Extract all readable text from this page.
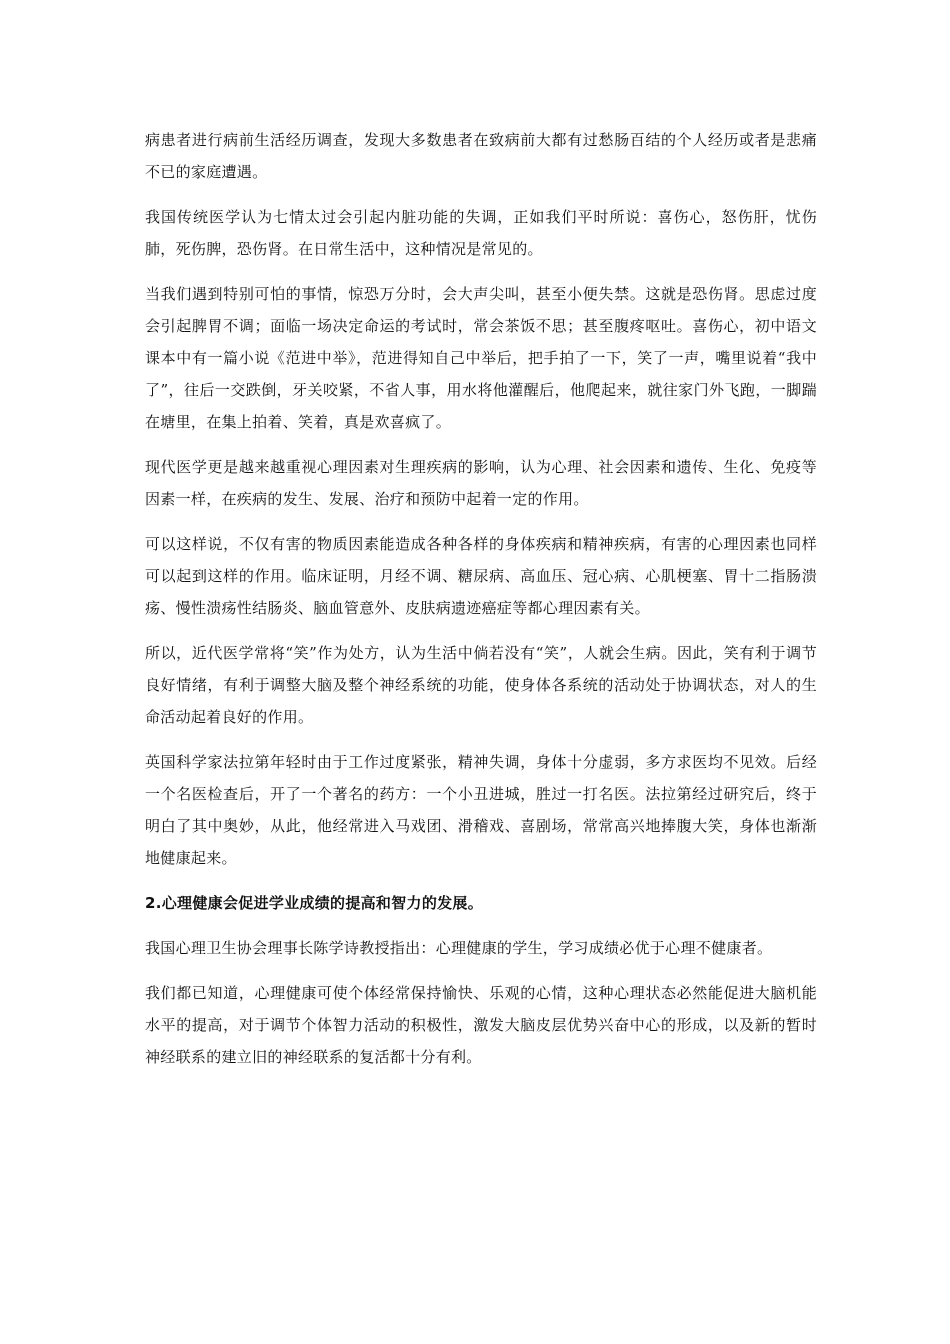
病患者进行病前生活经历调查，发现大多数患者在致病前大都有过愁肠百结的个人经历或者是悲痛不已的家庭遭遇。

我国传统医学认为七情太过会引起内脏功能的失调，正如我们平时所说：喜伤心，怒伤肝，忧伤肺，死伤脾，恐伤肾。在日常生活中，这种情况是常见的。

当我们遇到特别可怕的事情，惊恐万分时，会大声尖叫，甚至小便失禁。这就是恐伤肾。思虑过度会引起脾胃不调；面临一场决定命运的考试时，常会茶饭不思；甚至腹疼呕吐。喜伤心，初中语文课本中有一篇小说《范进中举》，范进得知自己中举后，把手拍了一下，笑了一声，嘴里说着“我中了”，往后一交跌倒，牙关咬紧，不省人事，用水将他灌醒后，他爬起来，就往家门外飞跑，一脚踹在塘里，在集上拍着、笑着，真是欢喜疯了。

现代医学更是越来越重视心理因素对生理疾病的影响，认为心理、社会因素和遗传、生化、免疫等因素一样，在疾病的发生、发展、治疗和预防中起着一定的作用。

可以这样说，不仅有害的物质因素能造成各种各样的身体疾病和精神疾病，有害的心理因素也同样可以起到这样的作用。临床证明，月经不调、糖尿病、高血压、冠心病、心肌梗塞、胃十二指肠溃疡、慢性溃疡性结肠炎、脑血管意外、皮肤病遗迹癌症等都心理因素有关。

所以，近代医学常将“笑”作为处方，认为生活中倘若没有“笑”，人就会生病。因此，笑有利于调节良好情绪，有利于调整大脑及整个神经系统的功能，使身体各系统的活动处于协调状态，对人的生命活动起着良好的作用。

英国科学家法拉第年轻时由于工作过度紧张，精神失调，身体十分虚弱，多方求医均不见效。后经一个名医检查后，开了一个著名的药方：一个小丑进城，胜过一打名医。法拉第经过研究后，终于明白了其中奥妙，从此，他经常进入马戏团、滑稽戏、喜剧场，常常高兴地捧腹大笑，身体也渐渐地健康起来。

2.心理健康会促进学业成绩的提高和智力的发展。

我国心理卫生协会理事长陈学诗教授指出：心理健康的学生，学习成绩必优于心理不健康者。

我们都已知道，心理健康可使个体经常保持愉快、乐观的心情，这种心理状态必然能促进大脑机能水平的提高，对于调节个体智力活动的积极性，激发大脑皮层优势兴奋中心的形成，以及新的暂时神经联系的建立旧的神经联系的复活都十分有利。
